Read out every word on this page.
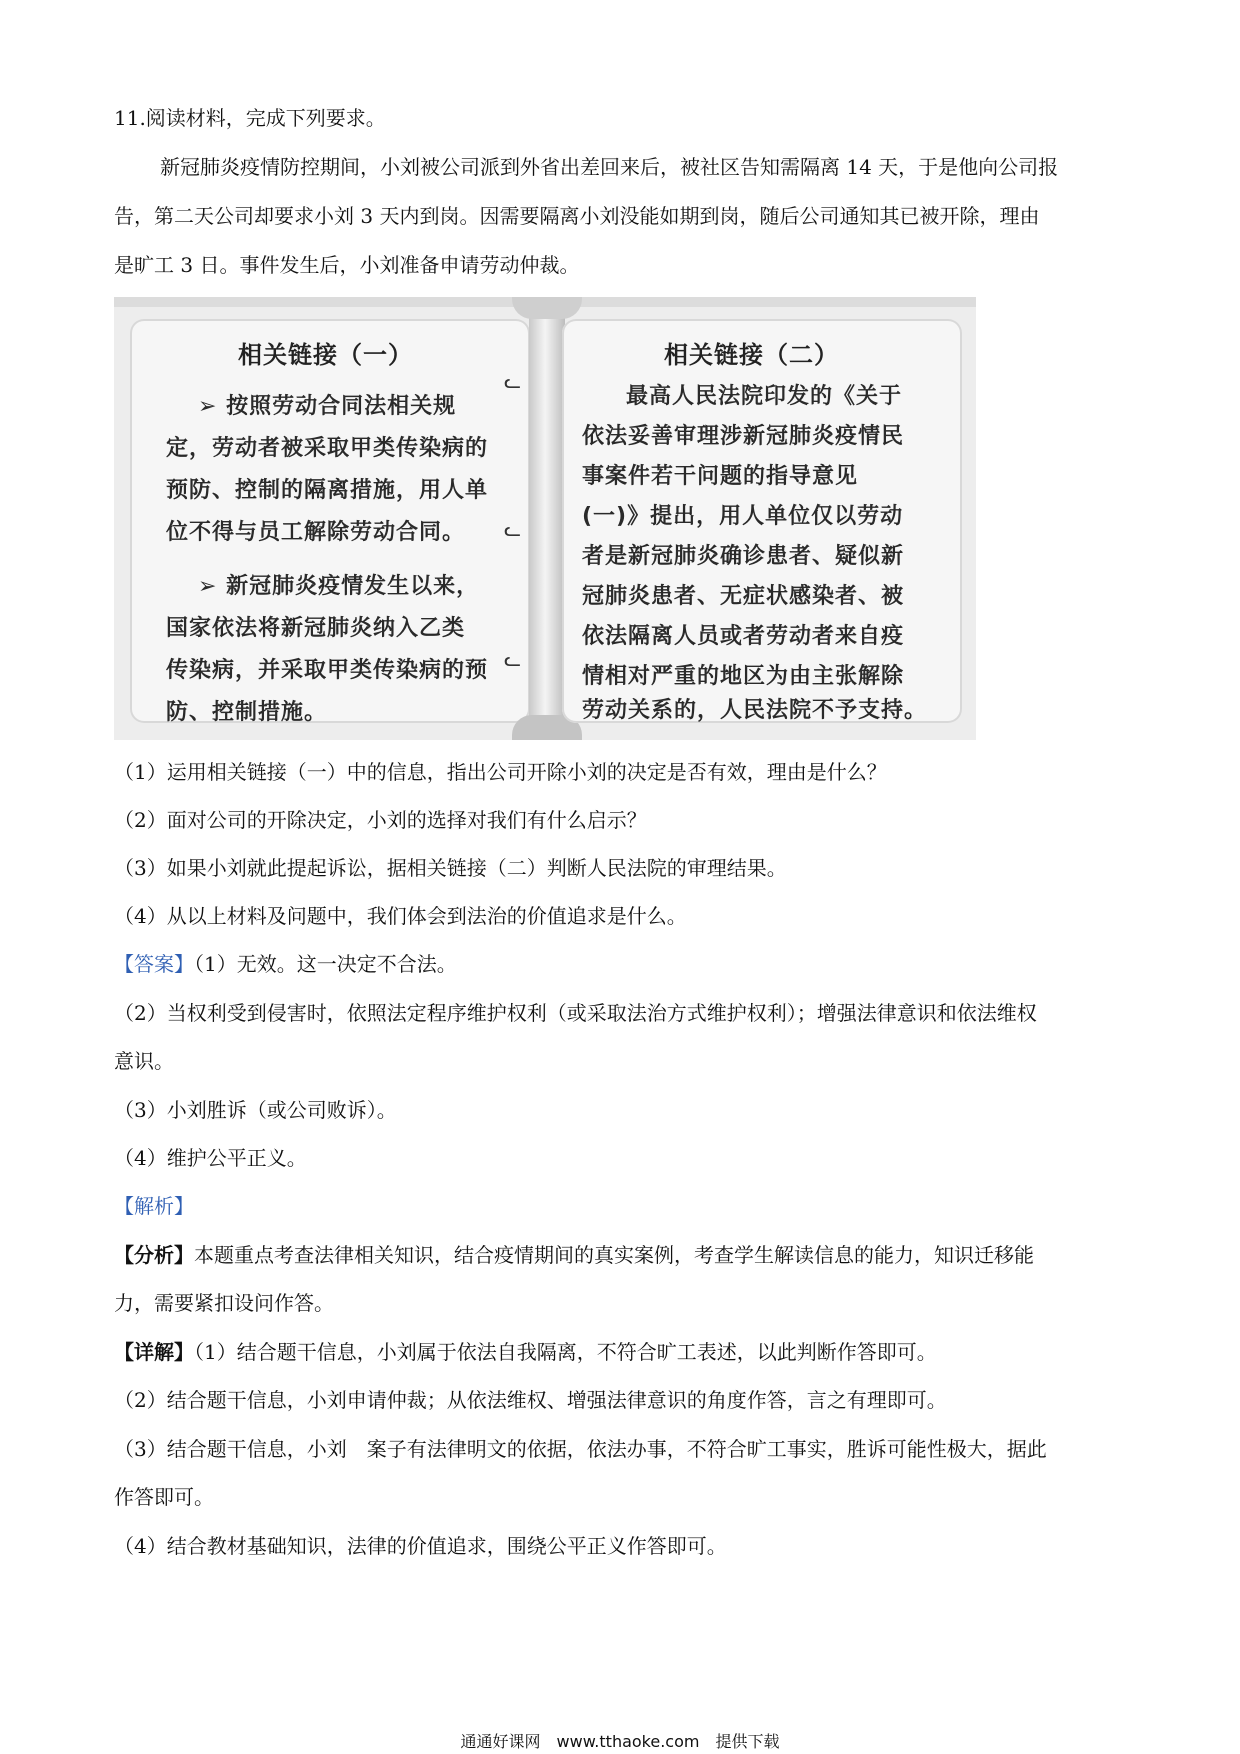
11.阅读材料，完成下列要求。
新冠肺炎疫情防控期间，小刘被公司派到外省出差回来后，被社区告知需隔离 14 天，于是他向公司报
告，第二天公司却要求小刘 3 天内到岗。因需要隔离小刘没能如期到岗，随后公司通知其已被开除，理由
是旷工 3 日。事件发生后，小刘准备申请劳动仲裁。
相关链接（一）
➢ 按照劳动合同法相关规
定，劳动者被采取甲类传染病的
预防、控制的隔离措施，用人单
位不得与员工解除劳动合同。
➢ 新冠肺炎疫情发生以来，
国家依法将新冠肺炎纳入乙类
传染病，并采取甲类传染病的预
防、控制措施。
ᓚ
ᓚ
ᓚ
相关链接（二）
最高人民法院印发的《关于
依法妥善审理涉新冠肺炎疫情民
事案件若干问题的指导意见
(一)》提出，用人单位仅以劳动
者是新冠肺炎确诊患者、疑似新
冠肺炎患者、无症状感染者、被
依法隔离人员或者劳动者来自疫
情相对严重的地区为由主张解除
劳动关系的，人民法院不予支持。
（1）运用相关链接（一）中的信息，指出公司开除小刘的决定是否有效，理由是什么？
（2）面对公司的开除决定，小刘的选择对我们有什么启示？
（3）如果小刘就此提起诉讼，据相关链接（二）判断人民法院的审理结果。
（4）从以上材料及问题中，我们体会到法治的价值追求是什么。
【答案】（1）无效。这一决定不合法。
（2）当权利受到侵害时，依照法定程序维护权利（或采取法治方式维护权利）；增强法律意识和依法维权
意识。
（3）小刘胜诉（或公司败诉）。
（4）维护公平正义。
【解析】
【分析】本题重点考查法律相关知识，结合疫情期间的真实案例，考查学生解读信息的能力，知识迁移能
力，需要紧扣设问作答。
【详解】（1）结合题干信息，小刘属于依法自我隔离，不符合旷工表述，以此判断作答即可。
（2）结合题干信息，小刘申请仲裁；从依法维权、增强法律意识的角度作答，言之有理即可。
（3）结合题干信息，小刘　案子有法律明文的依据，依法办事，不符合旷工事实，胜诉可能性极大，据此
作答即可。
（4）结合教材基础知识，法律的价值追求，围绕公平正义作答即可。
通通好课网　www.tthaoke.com　提供下载
